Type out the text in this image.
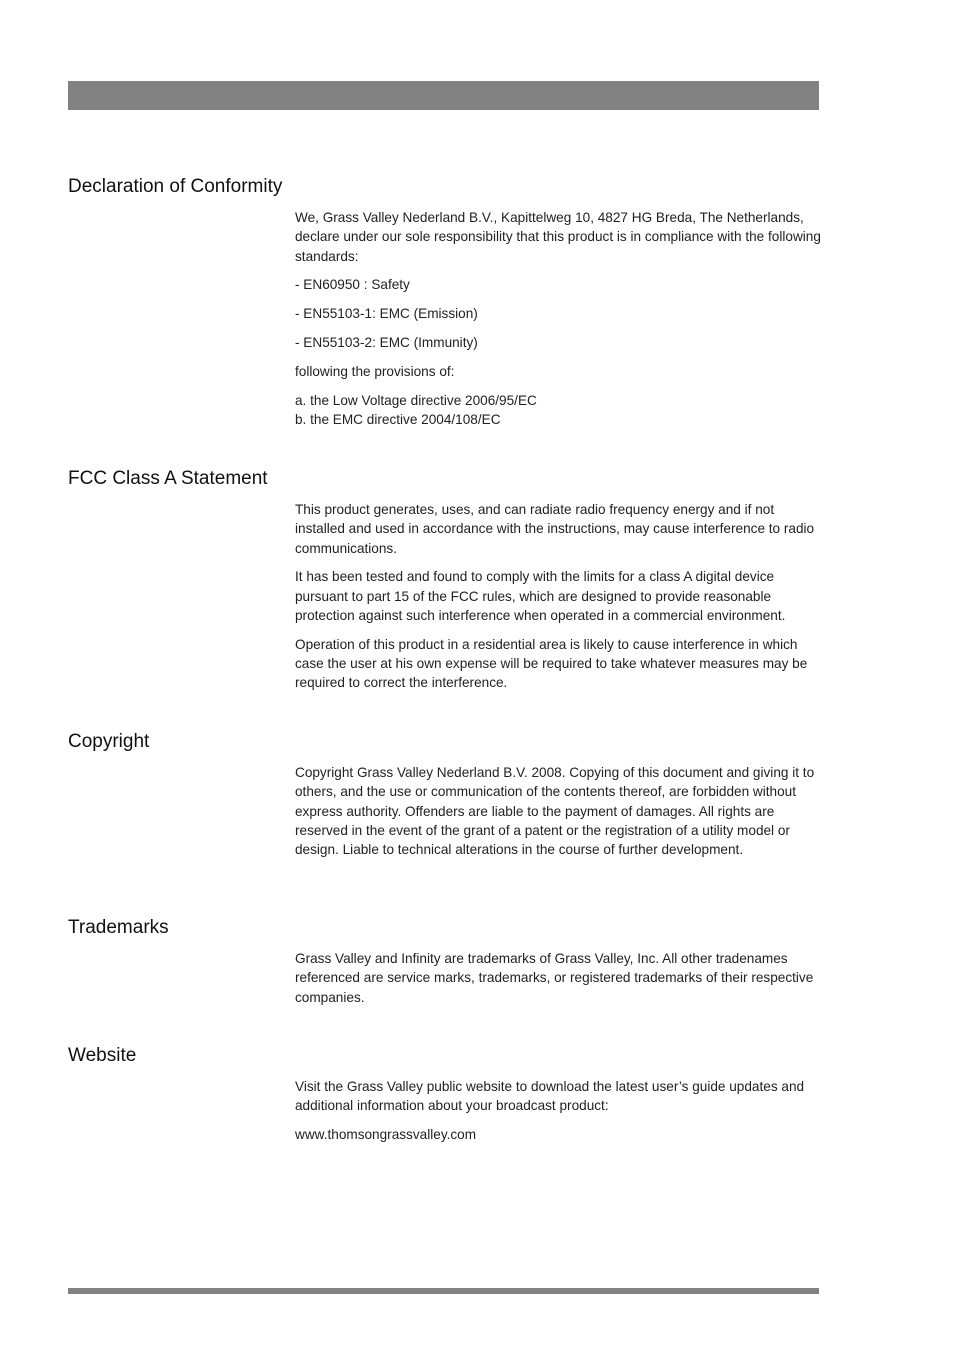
Declaration of Conformity

We, Grass Valley Nederland B.V., Kapittelweg 10, 4827 HG Breda, The Netherlands, declare under our sole responsibility that this product is in compliance with the following standards:

- EN60950 : Safety

- EN55103-1: EMC (Emission)

- EN55103-2: EMC (Immunity)

following the provisions of:

a. the Low Voltage directive 2006/95/EC

b. the EMC directive 2004/108/EC

FCC Class A Statement

This product generates, uses, and can radiate radio frequency energy and if not installed and used in accordance with the instructions, may cause interference to radio communications.

It has been tested and found to comply with the limits for a class A digital device pursuant to part 15 of the FCC rules, which are designed to provide reasonable protection against such interference when operated in a commercial environment.

Operation of this product in a residential area is likely to cause interference in which case the user at his own expense will be required to take whatever measures may be required to correct the interference.

Copyright

Copyright Grass Valley Nederland B.V. 2008. Copying of this document and giving it to others, and the use or communication of the contents thereof, are forbidden without express authority. Offenders are liable to the payment of damages. All rights are reserved in the event of the grant of a patent or the registration of a utility model or design. Liable to technical alterations in the course of further development.

Trademarks

Grass Valley and Infinity are trademarks of Grass Valley, Inc. All other tradenames referenced are service marks, trademarks, or registered trademarks of their respective companies.

Website

Visit the Grass Valley public website to download the latest user’s guide updates and additional information about your broadcast product:

www.thomsongrassvalley.com
